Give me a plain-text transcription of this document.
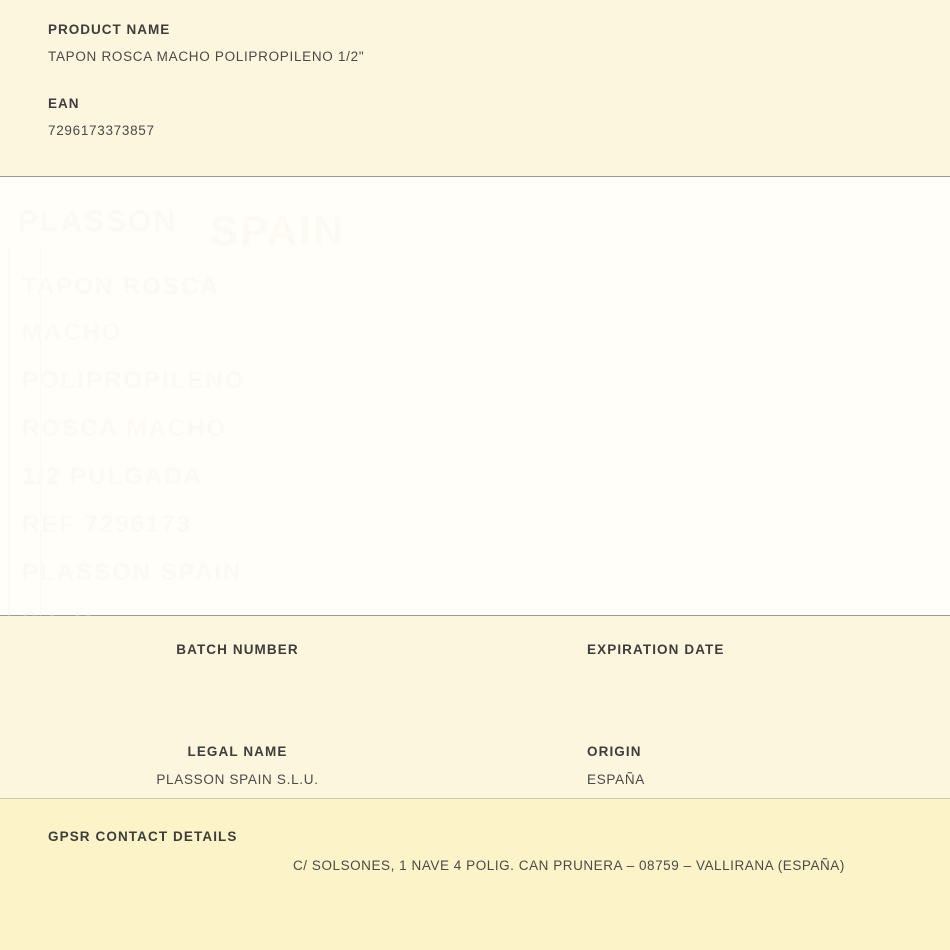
PRODUCT NAME
TAPON ROSCA MACHO POLIPROPILENO 1/2"
EAN
7296173373857
PLASSON SPAIN
TAPON ROSCA
MACHO
POLIPROPILENO
ROSCA MACHO
1/2 PULGADA
REF 7296173
PLASSON SPAIN
BATCH NUMBER	EXPIRATION DATE
LEGAL NAME
PLASSON SPAIN S.L.U.
ORIGIN
ESPAÑA
GPSR CONTACT DETAILS
C/ SOLSONES, 1 NAVE 4 POLIG. CAN PRUNERA – 08759 – VALLIRANA (ESPAÑA)
